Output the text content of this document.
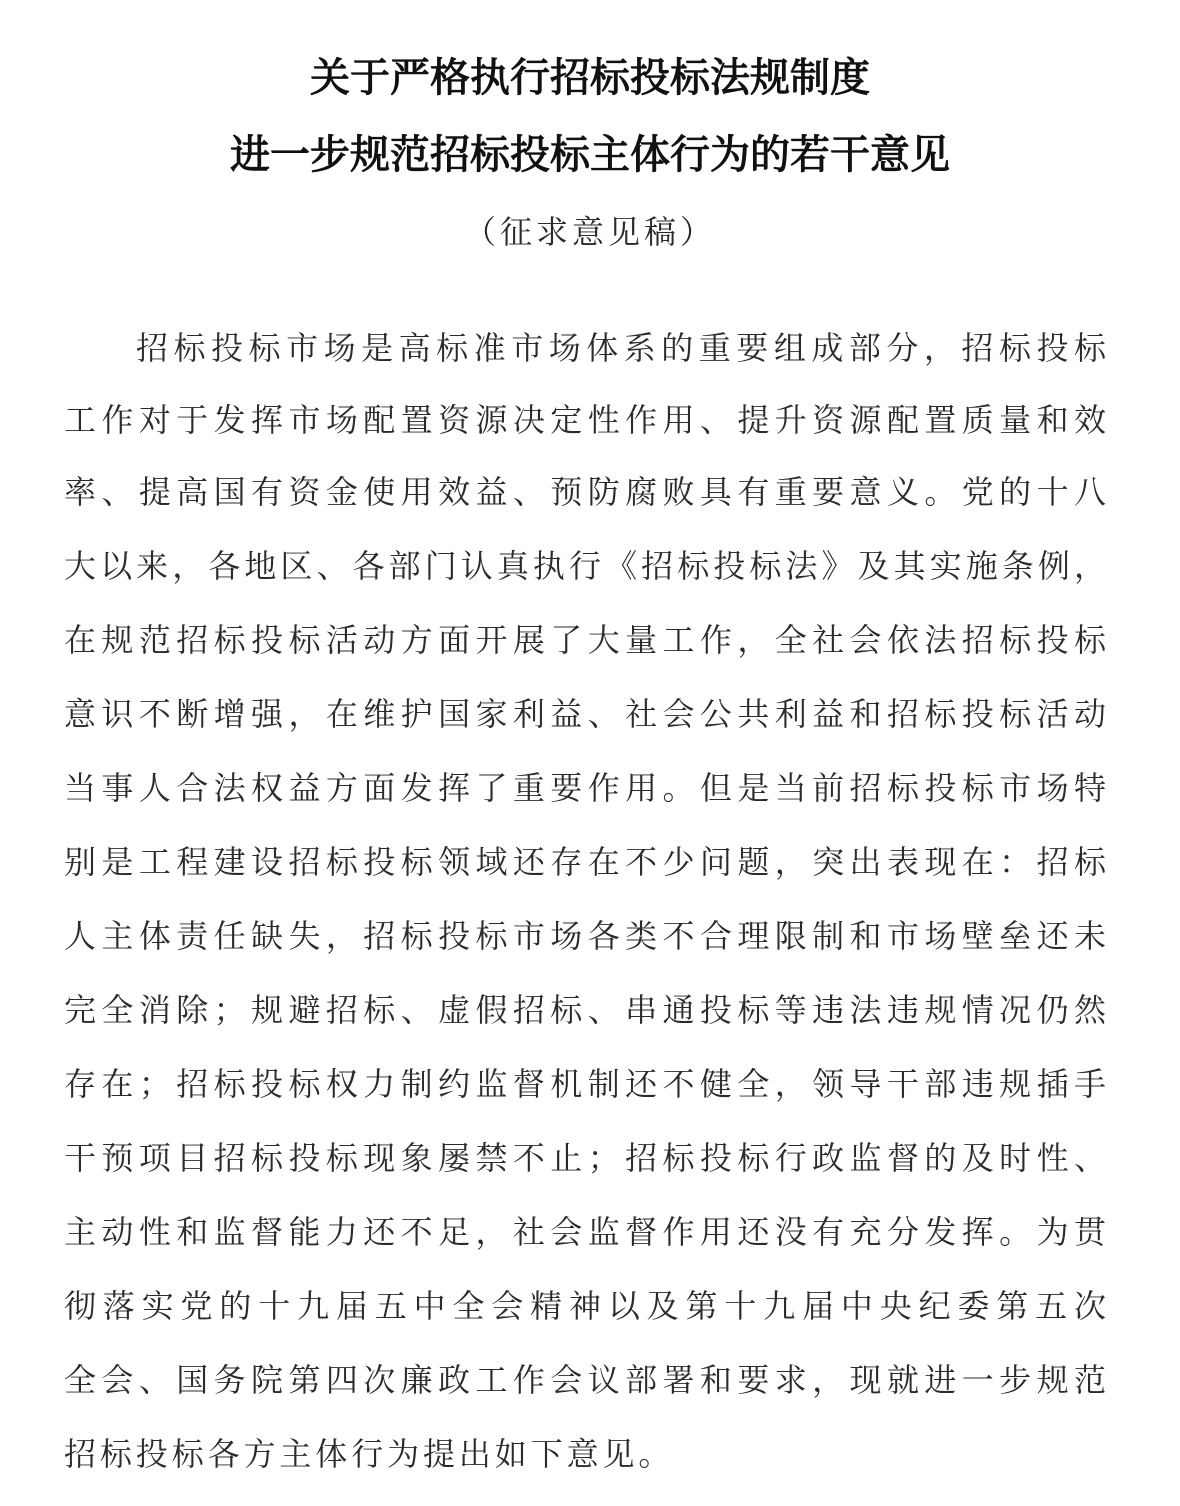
关于严格执行招标投标法规制度
进一步规范招标投标主体行为的若干意见
（征求意见稿）
招标投标市场是高标准市场体系的重要组成部分，招标投标
工作对于发挥市场配置资源决定性作用、提升资源配置质量和效
率、提高国有资金使用效益、预防腐败具有重要意义。党的十八
大以来，各地区、各部门认真执行《招标投标法》及其实施条例，
在规范招标投标活动方面开展了大量工作，全社会依法招标投标
意识不断增强，在维护国家利益、社会公共利益和招标投标活动
当事人合法权益方面发挥了重要作用。但是当前招标投标市场特
别是工程建设招标投标领域还存在不少问题，突出表现在：招标
人主体责任缺失，招标投标市场各类不合理限制和市场壁垒还未
完全消除；规避招标、虚假招标、串通投标等违法违规情况仍然
存在；招标投标权力制约监督机制还不健全，领导干部违规插手
干预项目招标投标现象屡禁不止；招标投标行政监督的及时性、
主动性和监督能力还不足，社会监督作用还没有充分发挥。为贯
彻落实党的十九届五中全会精神以及第十九届中央纪委第五次
全会、国务院第四次廉政工作会议部署和要求，现就进一步规范
招标投标各方主体行为提出如下意见。
